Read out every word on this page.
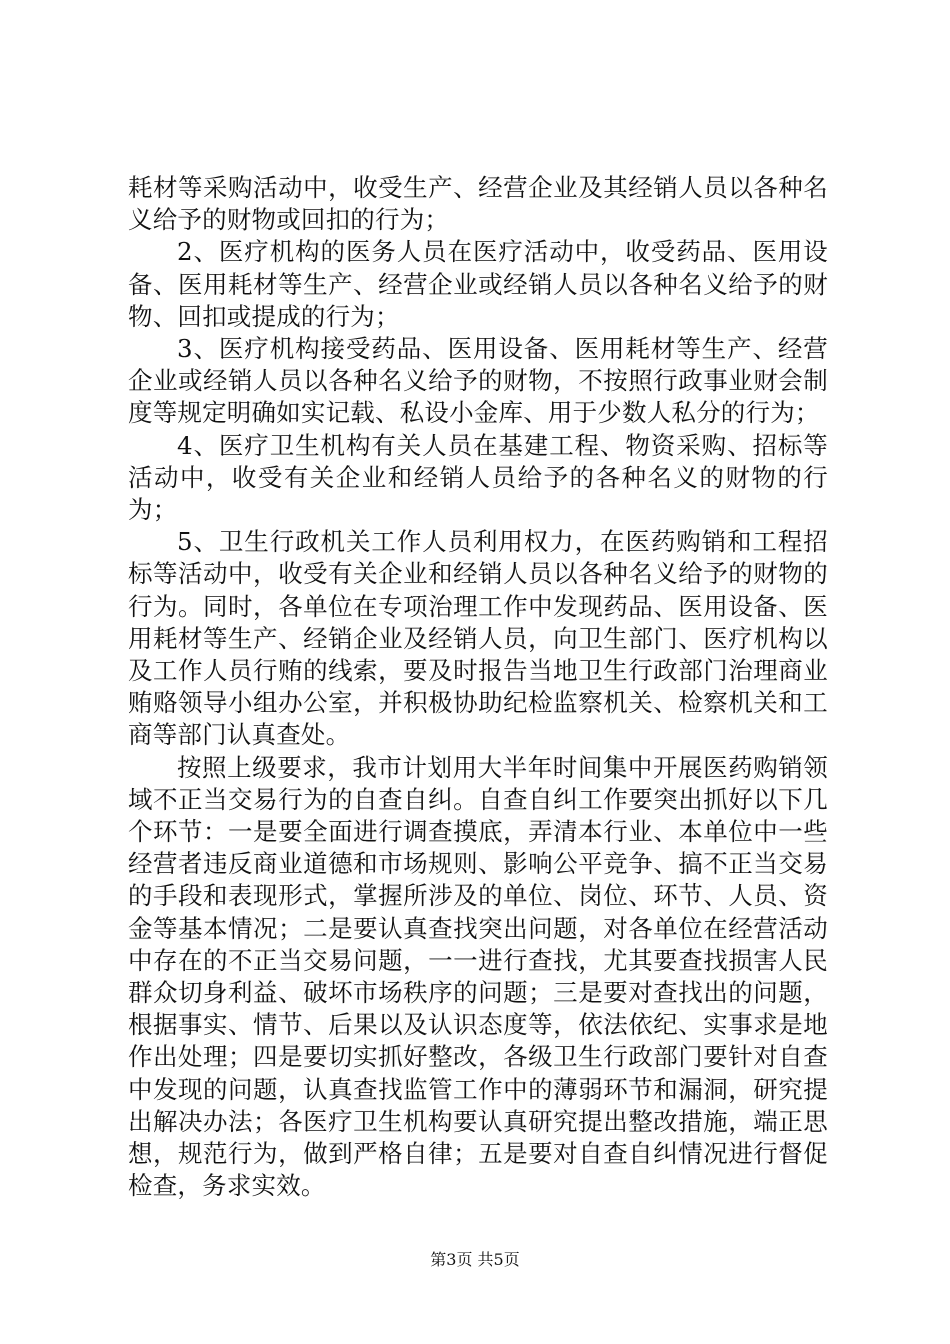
耗材等采购活动中，收受生产、经营企业及其经销人员以各种名义给予的财物或回扣的行为；

2、医疗机构的医务人员在医疗活动中，收受药品、医用设备、医用耗材等生产、经营企业或经销人员以各种名义给予的财物、回扣或提成的行为；

3、医疗机构接受药品、医用设备、医用耗材等生产、经营企业或经销人员以各种名义给予的财物，不按照行政事业财会制度等规定明确如实记载、私设小金库、用于少数人私分的行为；

4、医疗卫生机构有关人员在基建工程、物资采购、招标等活动中，收受有关企业和经销人员给予的各种名义的财物的行为；

5、卫生行政机关工作人员利用权力，在医药购销和工程招标等活动中，收受有关企业和经销人员以各种名义给予的财物的行为。同时，各单位在专项治理工作中发现药品、医用设备、医用耗材等生产、经销企业及经销人员，向卫生部门、医疗机构以及工作人员行贿的线索，要及时报告当地卫生行政部门治理商业贿赂领导小组办公室，并积极协助纪检监察机关、检察机关和工商等部门认真查处。

按照上级要求，我市计划用大半年时间集中开展医药购销领域不正当交易行为的自查自纠。自查自纠工作要突出抓好以下几个环节：一是要全面进行调查摸底，弄清本行业、本单位中一些经营者违反商业道德和市场规则、影响公平竞争、搞不正当交易的手段和表现形式，掌握所涉及的单位、岗位、环节、人员、资金等基本情况；二是要认真查找突出问题，对各单位在经营活动中存在的不正当交易问题，一一进行查找，尤其要查找损害人民群众切身利益、破坏市场秩序的问题；三是要对查找出的问题，根据事实、情节、后果以及认识态度等，依法依纪、实事求是地作出处理；四是要切实抓好整改，各级卫生行政部门要针对自查中发现的问题，认真查找监管工作中的薄弱环节和漏洞，研究提出解决办法；各医疗卫生机构要认真研究提出整改措施，端正思想，规范行为，做到严格自律；五是要对自查自纠情况进行督促检查，务求实效。

第3页 共5页
